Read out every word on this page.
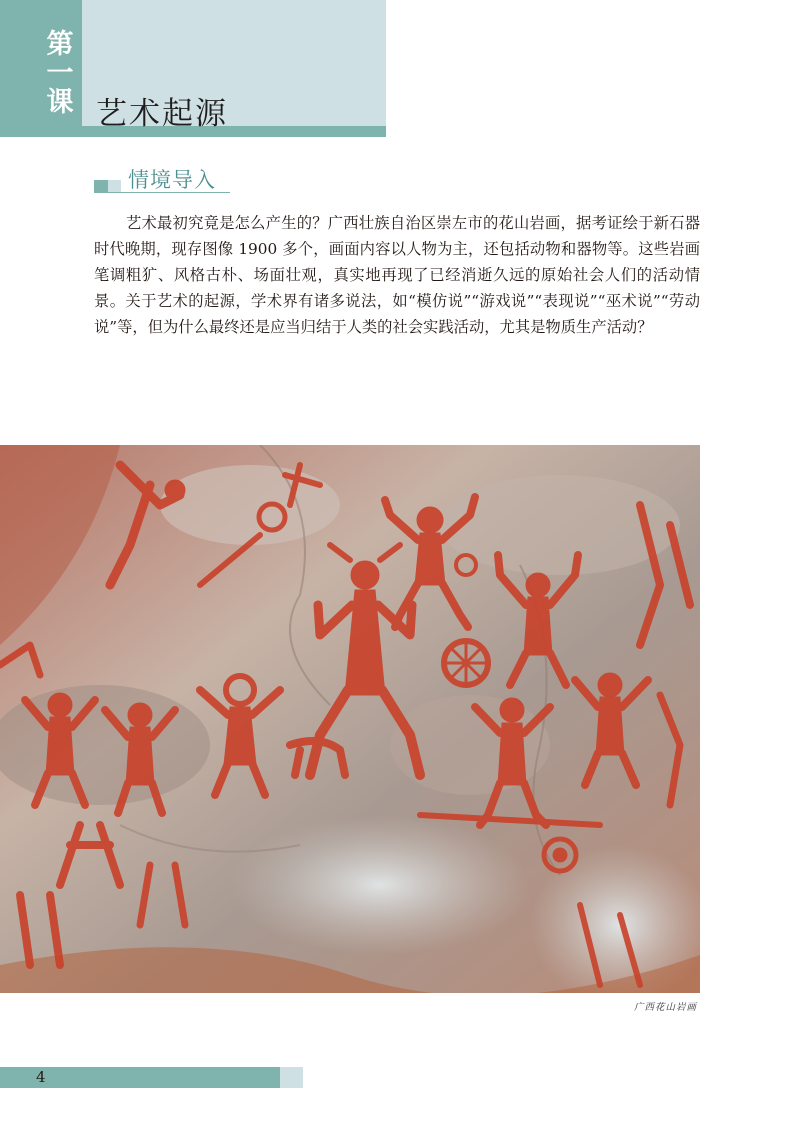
第
一
课 艺术起源
情境导入

艺术最初究竟是怎么产生的？广西壮族自治区崇左市的花山岩画，据考证绘于新石器时代晚期，现存图像 1900 多个，画面内容以人物为主，还包括动物和器物等。这些岩画笔调粗犷、风格古朴、场面壮观，真实地再现了已经消逝久远的原始社会人们的活动情景。关于艺术的起源，学术界有诸多说法，如“模仿说”“游戏说”“表现说”“巫术说”“劳动说”等，但为什么最终还是应当归结于人类的社会实践活动，尤其是物质生产活动？

广西花山岩画
4
